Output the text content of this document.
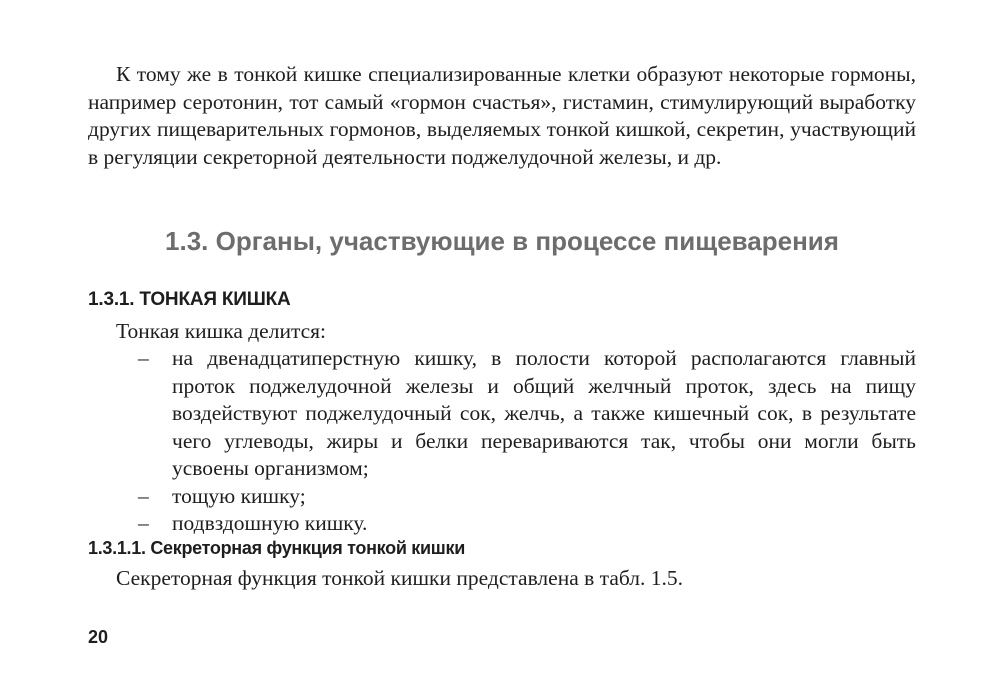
К тому же в тонкой кишке специализированные клетки образуют некоторые гормоны, например серотонин, тот самый «гормон счастья», гистамин, стимулирующий выработку других пищеварительных гормонов, выделяемых тонкой кишкой, секретин, участвующий в регуляции секреторной деятельности поджелудочной железы, и др.

1.3. Органы, участвующие в процессе пищеварения
1.3.1. ТОНКАЯ КИШКА

Тонкая кишка делится:

– на двенадцатиперстную кишку, в полости которой располагаются главный проток поджелудочной железы и общий желчный проток, здесь на пищу воздействуют поджелудочный сок, желчь, а также кишечный сок, в результате чего углеводы, жиры и белки перевариваются так, чтобы они могли быть усвоены организмом;
– тощую кишку;
– подвздошную кишку.
1.3.1.1. Секреторная функция тонкой кишки

Секреторная функция тонкой кишки представлена в табл. 1.5.

20
